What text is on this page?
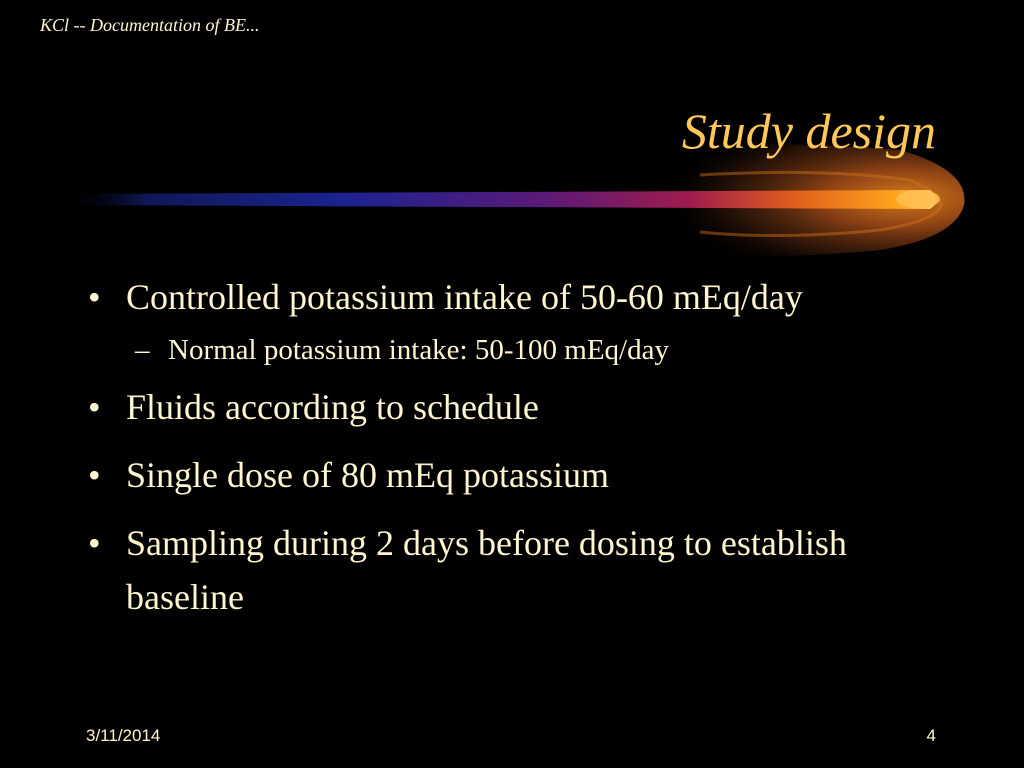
KCl -- Documentation of BE...
Study design
• Controlled potassium intake of 50-60 mEq/day
– Normal potassium intake: 50-100 mEq/day
• Fluids according to schedule
• Single dose of 80 mEq potassium
• Sampling during 2 days before dosing to establish baseline
3/11/2014	4
